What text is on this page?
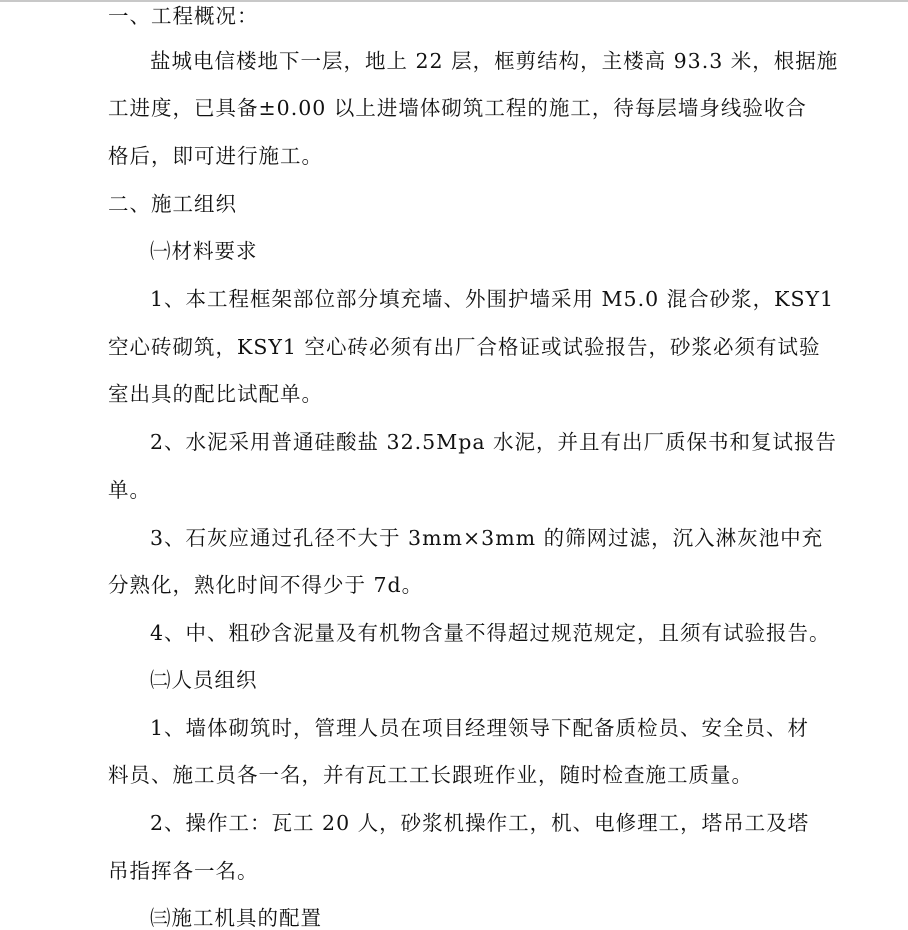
一、工程概况：
盐城电信楼地下一层，地上 22 层，框剪结构，主楼高 93.3 米，根据施
工进度，已具备±0.00 以上进墙体砌筑工程的施工，待每层墙身线验收合
格后，即可进行施工。
二、施工组织
㈠材料要求
1、本工程框架部位部分填充墙、外围护墙采用 M5.0 混合砂浆，KSY1
空心砖砌筑，KSY1 空心砖必须有出厂合格证或试验报告，砂浆必须有试验
室出具的配比试配单。
2、水泥采用普通硅酸盐 32.5Mpa 水泥，并且有出厂质保书和复试报告
单。
3、石灰应通过孔径不大于 3mm×3mm 的筛网过滤，沉入淋灰池中充
分熟化，熟化时间不得少于 7d。
4、中、粗砂含泥量及有机物含量不得超过规范规定，且须有试验报告。
㈡人员组织
1、墙体砌筑时，管理人员在项目经理领导下配备质检员、安全员、材
料员、施工员各一名，并有瓦工工长跟班作业，随时检查施工质量。
2、操作工：瓦工 20 人，砂浆机操作工，机、电修理工，塔吊工及塔
吊指挥各一名。
㈢施工机具的配置
